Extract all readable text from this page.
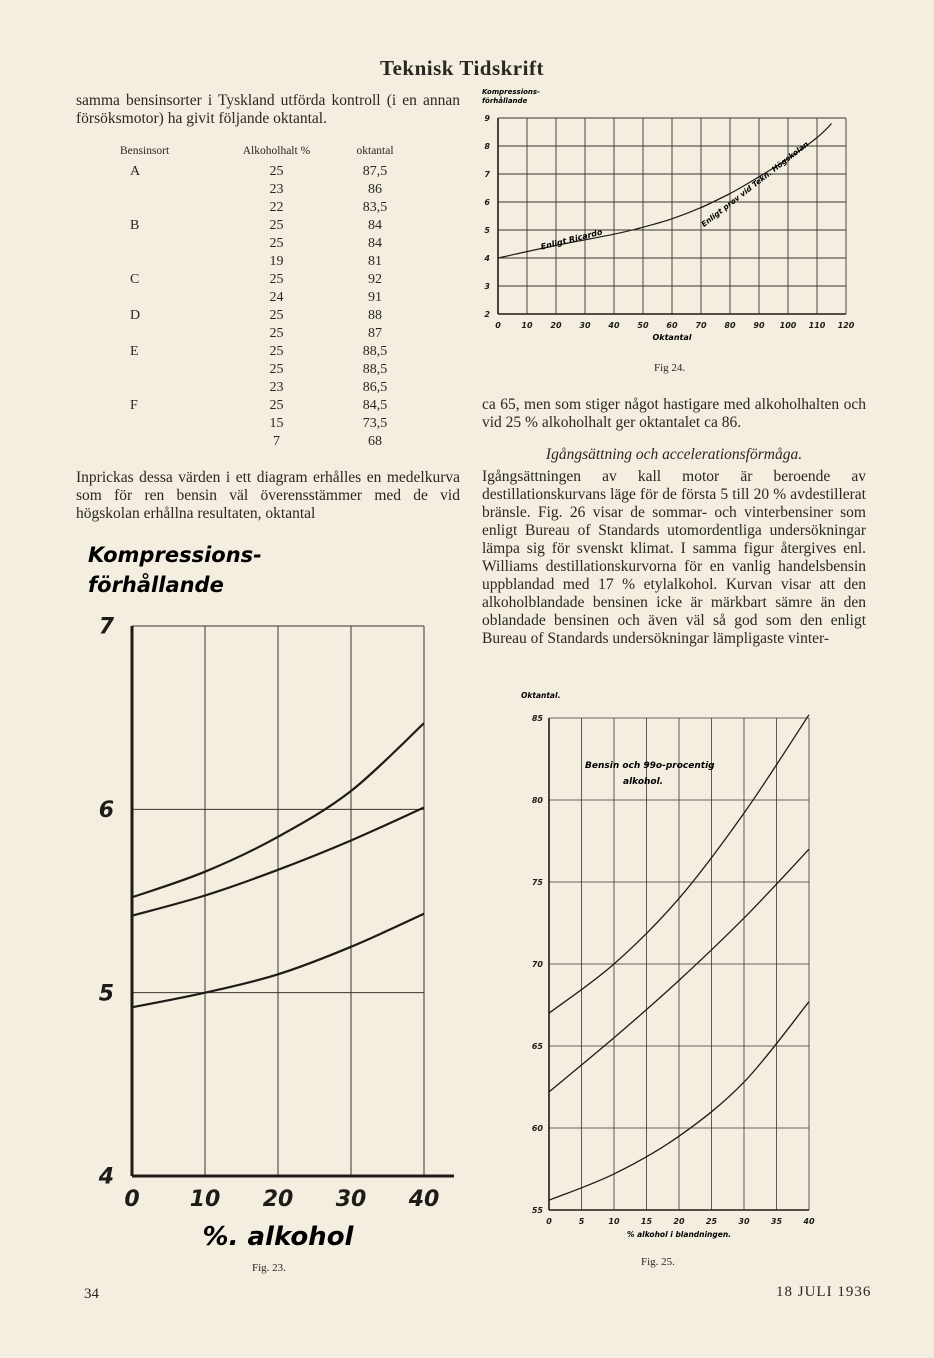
Teknisk Tidskrift
samma bensinsorter i Tyskland utförda kontroll (i en annan försöksmotor) ha givit följande oktantal.
Bensinsort	Alkoholhalt %	oktantal
A	25	87,5
	23	86
	22	83,5
B	25	84
	25	84
	19	81
C	25	92
	24	91
D	25	88
	25	87
E	25	88,5
	25	88,5
	23	86,5
F	25	84,5
	15	73,5
	7	68
Inprickas dessa värden i ett diagram erhålles en medelkurva som för ren bensin väl överensstämmer med de vid högskolan erhållna resultaten, oktantal
0	10 20 30 40 50 60 70 80 90 100 110 120
2
3
4
5
6
7
8
9
Kompressions-
förhållande
Oktantal
Enligt Ricardo
Enligt prov vid Tekn. Högskolan
Fig 24.
ca 65, men som stiger något hastigare med alkoholhalten och vid 25 % alkoholhalt ger oktantalet ca 86.
Igångsättning och accelerationsförmåga.
Igångsättningen av kall motor är beroende av destillationskurvans läge för de första 5 till 20 % avdestillerat bränsle. Fig. 26 visar de sommar- och vinterbensiner som enligt Bureau of Standards utomordentliga undersökningar lämpa sig för svenskt klimat. I samma figur återgives enl. Williams destillationskurvorna för en vanlig handelsbensin uppblandad med 17 % etylalkohol. Kurvan visar att den alkoholblandade bensinen icke är märkbart sämre än den oblandade bensinen och även väl så god som den enligt Bureau of Standards undersökningar lämpligaste vinter-
0 10 20 30 40
4
5
6
7
Kompressions-
förhållande
%. alkohol
Fig. 23.
0	5	10	15	20	25	30	35	40
55
60
65
70
75
80
85
Oktantal.
% alkohol i blandningen.
Bensin och 99o-procentig
alkohol.
Fig. 25.
34	18 JULI 1936
